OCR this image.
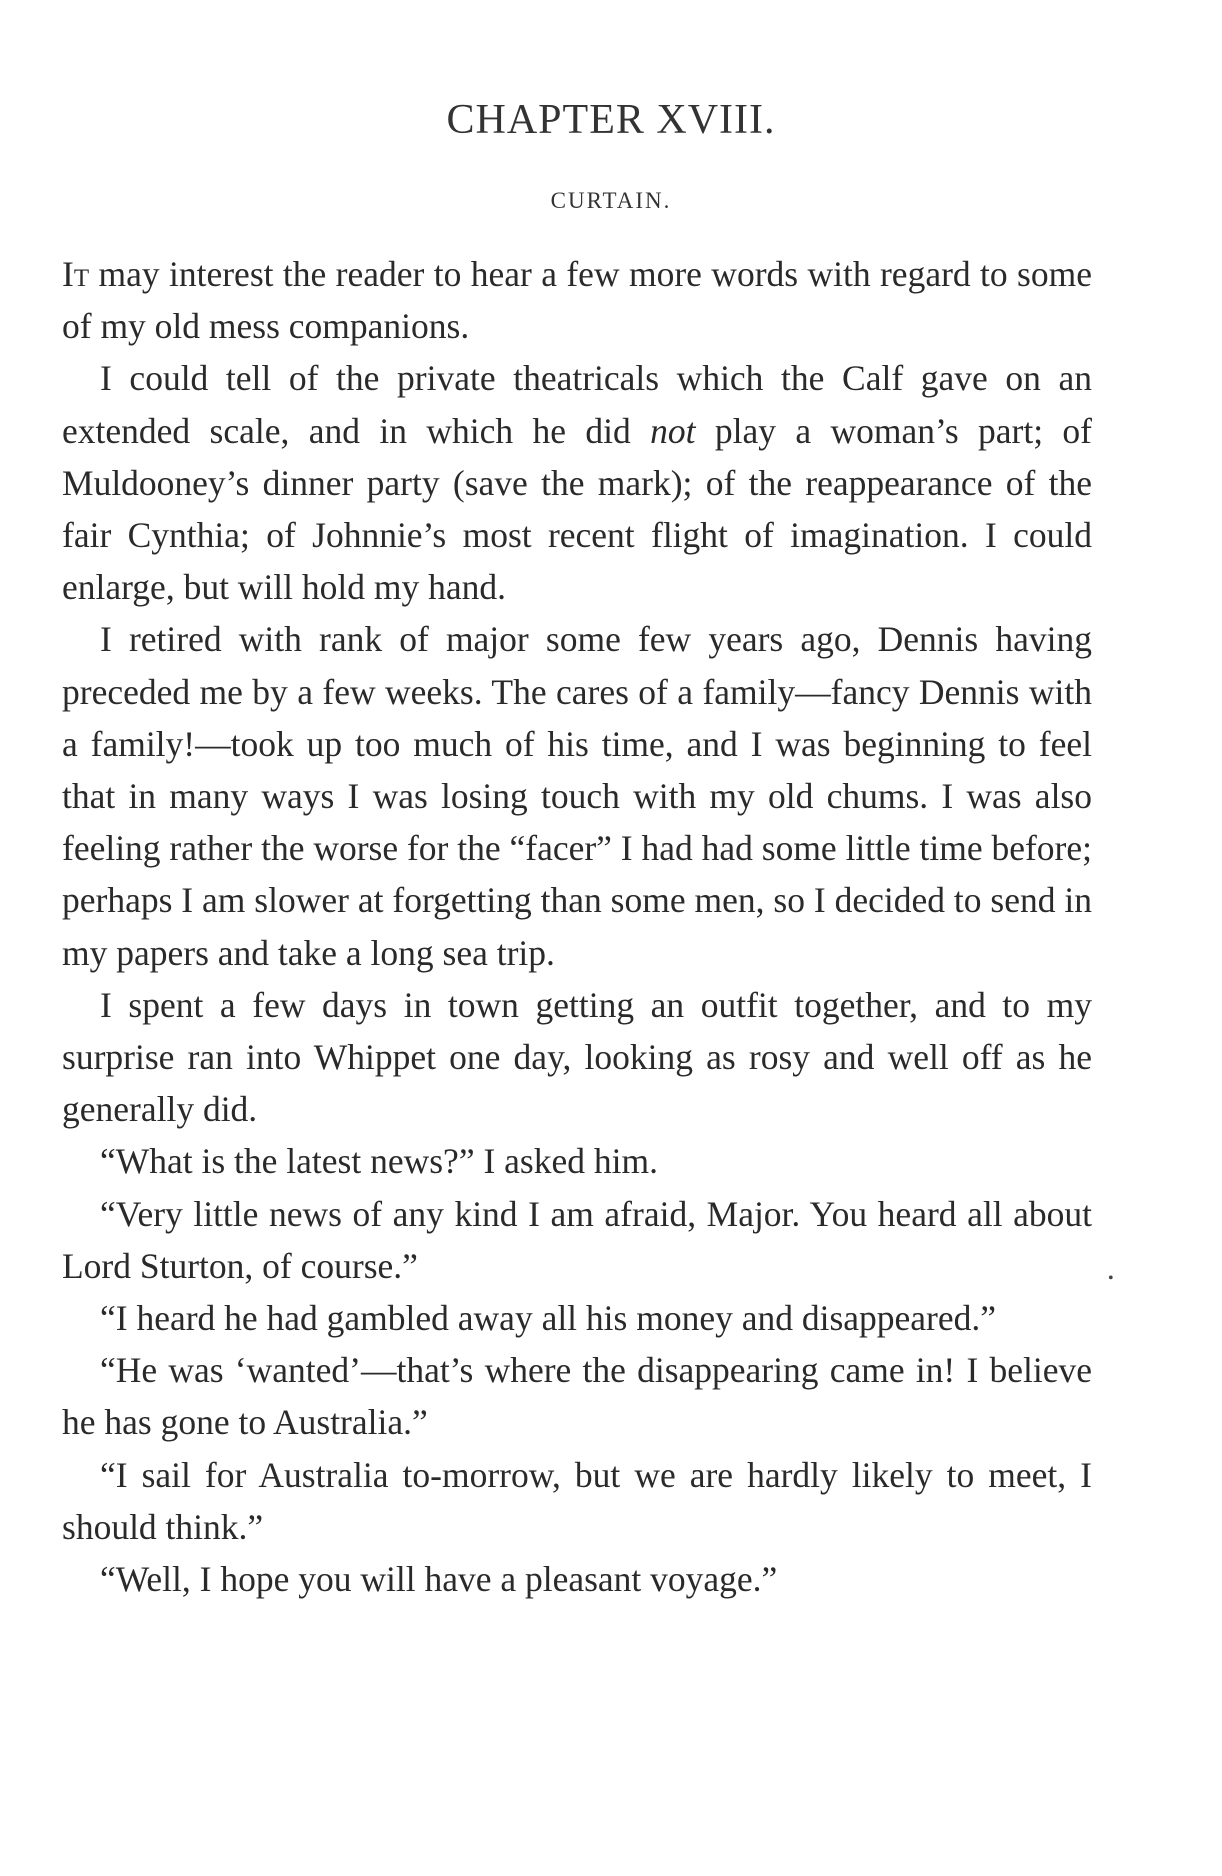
CHAPTER XVIII.
CURTAIN.

It may interest the reader to hear a few more words with regard to some of my old mess companions.

I could tell of the private theatricals which the Calf gave on an extended scale, and in which he did not play a woman’s part; of Muldooney’s dinner party (save the mark); of the reappearance of the fair Cynthia; of Johnnie’s most recent flight of imagination. I could enlarge, but will hold my hand.

I retired with rank of major some few years ago, Dennis having preceded me by a few weeks. The cares of a family—fancy Dennis with a family!—took up too much of his time, and I was beginning to feel that in many ways I was losing touch with my old chums. I was also feeling rather the worse for the “facer” I had had some little time before; perhaps I am slower at forgetting than some men, so I decided to send in my papers and take a long sea trip.

I spent a few days in town getting an outfit together, and to my surprise ran into Whippet one day, looking as rosy and well off as he generally did.

“What is the latest news?” I asked him.

“Very little news of any kind I am afraid, Major. You heard all about Lord Sturton, of course.”

“I heard he had gambled away all his money and disappeared.”

“He was ‘wanted’—that’s where the disappearing came in! I believe he has gone to Australia.”

“I sail for Australia to-morrow, but we are hardly likely to meet, I should think.”

“Well, I hope you will have a pleasant voyage.”

•
